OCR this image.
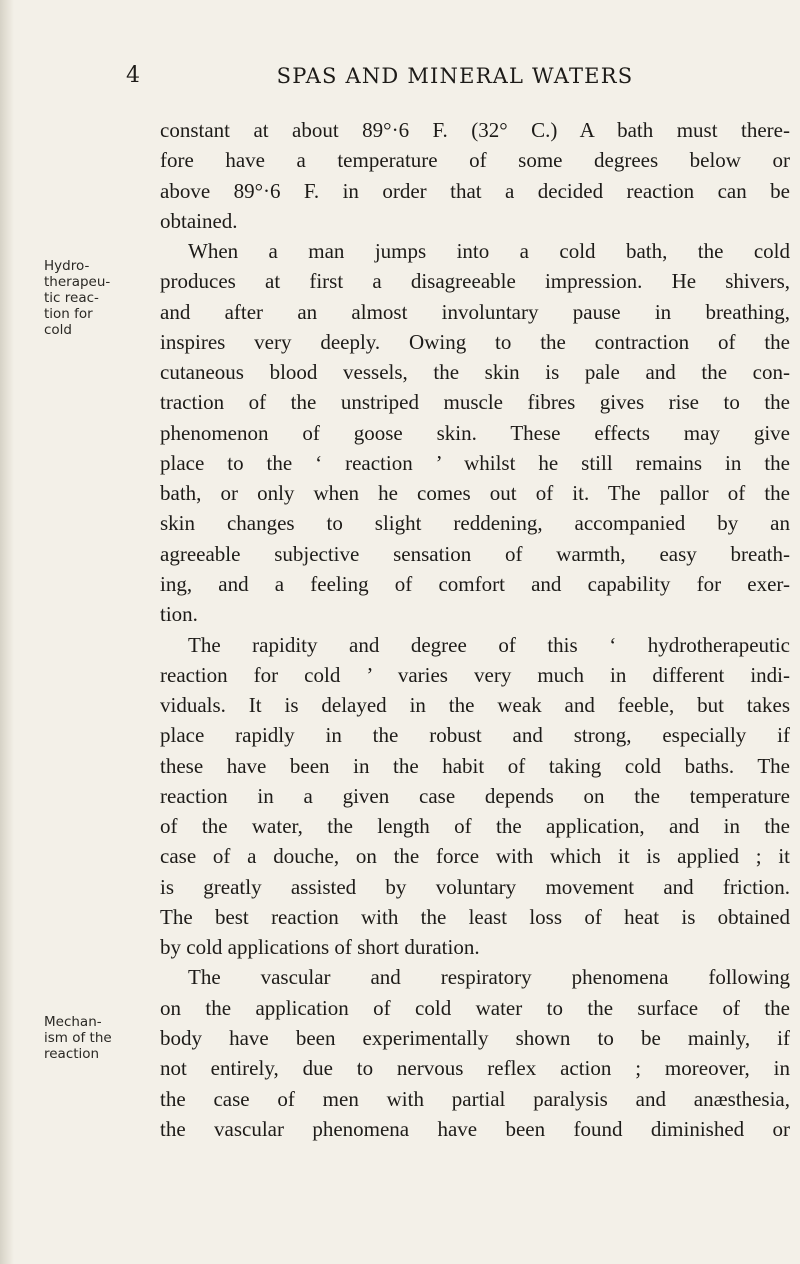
4	SPAS AND MINERAL WATERS
Hydro-
therapeu-
tic reac-
tion for
cold
Mechan-
ism of the
reaction
constant at about 89°·6 F. (32° C.) A bath must there-
fore have a temperature of some degrees below or
above 89°·6 F. in order that a decided reaction can be
obtained.
When a man jumps into a cold bath, the cold
produces at first a disagreeable impression. He shivers,
and after an almost involuntary pause in breathing,
inspires very deeply. Owing to the contraction of the
cutaneous blood vessels, the skin is pale and the con-
traction of the unstriped muscle fibres gives rise to the
phenomenon of goose skin. These effects may give
place to the ‘ reaction ’ whilst he still remains in the
bath, or only when he comes out of it. The pallor of the
skin changes to slight reddening, accompanied by an
agreeable subjective sensation of warmth, easy breath-
ing, and a feeling of comfort and capability for exer-
tion.
The rapidity and degree of this ‘ hydrotherapeutic
reaction for cold ’ varies very much in different indi-
viduals. It is delayed in the weak and feeble, but takes
place rapidly in the robust and strong, especially if
these have been in the habit of taking cold baths. The
reaction in a given case depends on the temperature
of the water, the length of the application, and in the
case of a douche, on the force with which it is applied ; it
is greatly assisted by voluntary movement and friction.
The best reaction with the least loss of heat is obtained
by cold applications of short duration.
The vascular and respiratory phenomena following
on the application of cold water to the surface of the
body have been experimentally shown to be mainly, if
not entirely, due to nervous reflex action ; moreover, in
the case of men with partial paralysis and anæsthesia,
the vascular phenomena have been found diminished or
